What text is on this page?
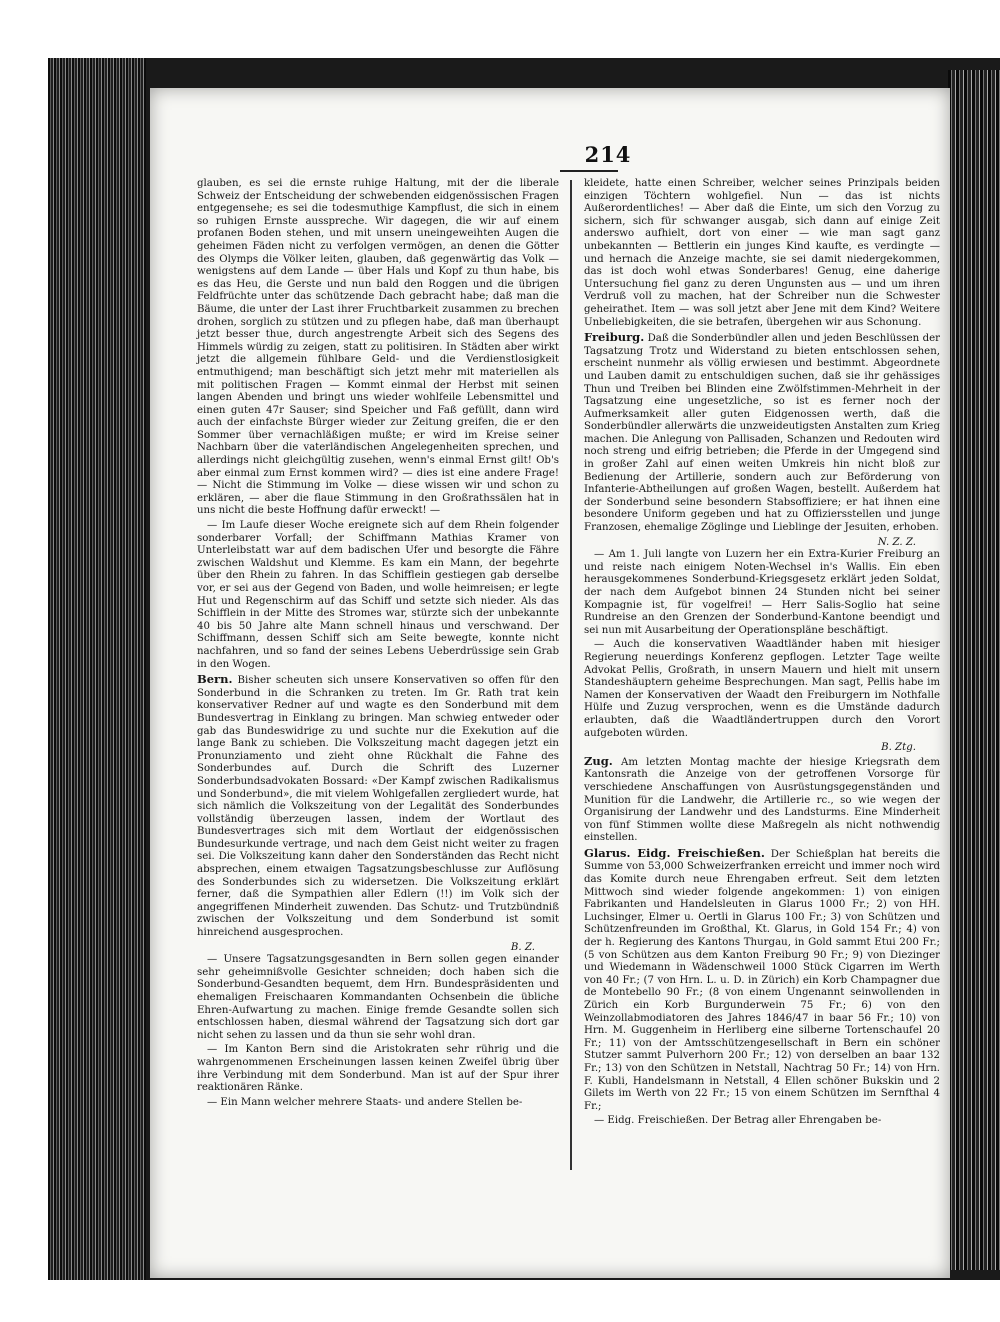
214

glauben, es sei die ernste ruhige Haltung, mit der die liberale Schweiz der Entscheidung der schwebenden eidgenössischen Fragen entgegensehe; es sei die todesmuthige Kampflust, die sich in einem so ruhigen Ernste ausspreche. Wir dagegen, die wir auf einem profanen Boden stehen, und mit unsern uneingeweihten Augen die geheimen Fäden nicht zu verfolgen vermögen, an denen die Götter des Olymps die Völker leiten, glauben, daß gegenwärtig das Volk — wenigstens auf dem Lande — über Hals und Kopf zu thun habe, bis es das Heu, die Gerste und nun bald den Roggen und die übrigen Feldfrüchte unter das schützende Dach gebracht habe; daß man die Bäume, die unter der Last ihrer Fruchtbarkeit zusammen zu brechen drohen, sorglich zu stützen und zu pflegen habe, daß man überhaupt jetzt besser thue, durch angestrengte Arbeit sich des Segens des Himmels würdig zu zeigen, statt zu politisiren. In Städten aber wirkt jetzt die allgemein fühlbare Geld- und die Verdienstlosigkeit entmuthigend; man beschäftigt sich jetzt mehr mit materiellen als mit politischen Fragen — Kommt einmal der Herbst mit seinen langen Abenden und bringt uns wieder wohlfeile Lebensmittel und einen guten 47r Sauser; sind Speicher und Faß gefüllt, dann wird auch der einfachste Bürger wieder zur Zeitung greifen, die er den Sommer über vernachläßigen mußte; er wird im Kreise seiner Nachbarn über die vaterländischen Angelegenheiten sprechen, und allerdings nicht gleichgültig zusehen, wenn's einmal Ernst gilt! Ob's aber einmal zum Ernst kommen wird? — dies ist eine andere Frage! — Nicht die Stimmung im Volke — diese wissen wir und schon zu erklären, — aber die flaue Stimmung in den Großrathssälen hat in uns nicht die beste Hoffnung dafür erweckt! —

— Im Laufe dieser Woche ereignete sich auf dem Rhein folgender sonderbarer Vorfall; der Schiffmann Mathias Kramer von Unterleibstatt war auf dem badischen Ufer und besorgte die Fähre zwischen Waldshut und Klemme. Es kam ein Mann, der begehrte über den Rhein zu fahren. In das Schifflein gestiegen gab derselbe vor, er sei aus der Gegend von Baden, und wolle heimreisen; er legte Hut und Regenschirm auf das Schiff und setzte sich nieder. Als das Schifflein in der Mitte des Stromes war, stürzte sich der unbekannte 40 bis 50 Jahre alte Mann schnell hinaus und verschwand. Der Schiffmann, dessen Schiff sich am Seite bewegte, konnte nicht nachfahren, und so fand der seines Lebens Ueberdrüssige sein Grab in den Wogen.

Bern. Bisher scheuten sich unsere Konservativen so offen für den Sonderbund in die Schranken zu treten. Im Gr. Rath trat kein konservativer Redner auf und wagte es den Sonderbund mit dem Bundesvertrag in Einklang zu bringen. Man schwieg entweder oder gab das Bundeswidrige zu und suchte nur die Exekution auf die lange Bank zu schieben. Die Volkszeitung macht dagegen jetzt ein Pronunziamento und zieht ohne Rückhalt die Fahne des Sonderbundes auf. Durch die Schrift des Luzerner Sonderbundsadvokaten Bossard: «Der Kampf zwischen Radikalismus und Sonderbund», die mit vielem Wohlgefallen zergliedert wurde, hat sich nämlich die Volkszeitung von der Legalität des Sonderbundes vollständig überzeugen lassen, indem der Wortlaut des Bundesvertrages sich mit dem Wortlaut der eidgenössischen Bundesurkunde vertrage, und nach dem Geist nicht weiter zu fragen sei. Die Volkszeitung kann daher den Sonderständen das Recht nicht absprechen, einem etwaigen Tagsatzungsbeschlusse zur Auflösung des Sonderbundes sich zu widersetzen. Die Volkszeitung erklärt ferner, daß die Sympathien aller Edlern (!!) im Volk sich der angegriffenen Minderheit zuwenden. Das Schutz- und Trutzbündniß zwischen der Volkszeitung und dem Sonderbund ist somit hinreichend ausgesprochen.

B. Z.

— Unsere Tagsatzungsgesandten in Bern sollen gegen einander sehr geheimnißvolle Gesichter schneiden; doch haben sich die Sonderbund-Gesandten bequemt, dem Hrn. Bundespräsidenten und ehemaligen Freischaaren Kommandanten Ochsenbein die übliche Ehren-Aufwartung zu machen. Einige fremde Gesandte sollen sich entschlossen haben, diesmal während der Tagsatzung sich dort gar nicht sehen zu lassen und da thun sie sehr wohl dran.

— Im Kanton Bern sind die Aristokraten sehr rührig und die wahrgenommenen Erscheinungen lassen keinen Zweifel übrig über ihre Verbindung mit dem Sonderbund. Man ist auf der Spur ihrer reaktionären Ränke.

— Ein Mann welcher mehrere Staats- und andere Stellen be-

kleidete, hatte einen Schreiber, welcher seines Prinzipals beiden einzigen Töchtern wohlgefiel. Nun — das ist nichts Außerordentliches! — Aber daß die Einte, um sich den Vorzug zu sichern, sich für schwanger ausgab, sich dann auf einige Zeit anderswo aufhielt, dort von einer — wie man sagt ganz unbekannten — Bettlerin ein junges Kind kaufte, es verdingte — und hernach die Anzeige machte, sie sei damit niedergekommen, das ist doch wohl etwas Sonderbares! Genug, eine daherige Untersuchung fiel ganz zu deren Ungunsten aus — und um ihren Verdruß voll zu machen, hat der Schreiber nun die Schwester geheirathet. Item — was soll jetzt aber Jene mit dem Kind? Weitere Unbeliebigkeiten, die sie betrafen, übergehen wir aus Schonung.

Freiburg. Daß die Sonderbündler allen und jeden Beschlüssen der Tagsatzung Trotz und Widerstand zu bieten entschlossen sehen, erscheint nunmehr als völlig erwiesen und bestimmt. Abgeordnete und Lauben damit zu entschuldigen suchen, daß sie ihr gehässiges Thun und Treiben bei Blinden eine Zwölfstimmen-Mehrheit in der Tagsatzung eine ungesetzliche, so ist es ferner noch der Aufmerksamkeit aller guten Eidgenossen werth, daß die Sonderbündler allerwärts die unzweideutigsten Anstalten zum Krieg machen. Die Anlegung von Pallisaden, Schanzen und Redouten wird noch streng und eifrig betrieben; die Pferde in der Umgegend sind in großer Zahl auf einen weiten Umkreis hin nicht bloß zur Bedienung der Artillerie, sondern auch zur Beförderung von Infanterie-Abtheilungen auf großen Wagen, bestellt. Außerdem hat der Sonderbund seine besondern Stabsoffiziere; er hat ihnen eine besondere Uniform gegeben und hat zu Offiziersstellen und junge Franzosen, ehemalige Zöglinge und Lieblinge der Jesuiten, erhoben.

N. Z. Z.

— Am 1. Juli langte von Luzern her ein Extra-Kurier Freiburg an und reiste nach einigem Noten-Wechsel in's Wallis. Ein eben herausgekommenes Sonderbund-Kriegsgesetz erklärt jeden Soldat, der nach dem Aufgebot binnen 24 Stunden nicht bei seiner Kompagnie ist, für vogelfrei! — Herr Salis-Soglio hat seine Rundreise an den Grenzen der Sonderbund-Kantone beendigt und sei nun mit Ausarbeitung der Operationspläne beschäftigt.

— Auch die konservativen Waadtländer haben mit hiesiger Regierung neuerdings Konferenz gepflogen. Letzter Tage weilte Advokat Pellis, Großrath, in unsern Mauern und hielt mit unsern Standeshäuptern geheime Besprechungen. Man sagt, Pellis habe im Namen der Konservativen der Waadt den Freiburgern im Nothfalle Hülfe und Zuzug versprochen, wenn es die Umstände dadurch erlaubten, daß die Waadtländertruppen durch den Vorort aufgeboten würden.

B. Ztg.

Zug. Am letzten Montag machte der hiesige Kriegsrath dem Kantonsrath die Anzeige von der getroffenen Vorsorge für verschiedene Anschaffungen von Ausrüstungsgegenständen und Munition für die Landwehr, die Artillerie rc., so wie wegen der Organisirung der Landwehr und des Landsturms. Eine Minderheit von fünf Stimmen wollte diese Maßregeln als nicht nothwendig einstellen.

Glarus. Eidg. Freischießen. Der Schießplan hat bereits die Summe von 53,000 Schweizerfranken erreicht und immer noch wird das Komite durch neue Ehrengaben erfreut. Seit dem letzten Mittwoch sind wieder folgende angekommen: 1) von einigen Fabrikanten und Handelsleuten in Glarus 1000 Fr.; 2) von HH. Luchsinger, Elmer u. Oertli in Glarus 100 Fr.; 3) von Schützen und Schützenfreunden im Großthal, Kt. Glarus, in Gold 154 Fr.; 4) von der h. Regierung des Kantons Thurgau, in Gold sammt Etui 200 Fr.; (5 von Schützen aus dem Kanton Freiburg 90 Fr.; 9) von Diezinger und Wiedemann in Wädenschweil 1000 Stück Cigarren im Werth von 40 Fr.; (7 von Hrn. L. u. D. in Zürich) ein Korb Champagner due de Montebello 90 Fr.; (8 von einem Ungenannt seinwollenden in Zürich ein Korb Burgunderwein 75 Fr.; 6) von den Weinzollabmodiatoren des Jahres 1846/47 in baar 56 Fr.; 10) von Hrn. M. Guggenheim in Herliberg eine silberne Tortenschaufel 20 Fr.; 11) von der Amtsschützengesellschaft in Bern ein schöner Stutzer sammt Pulverhorn 200 Fr.; 12) von derselben an baar 132 Fr.; 13) von den Schützen in Netstall, Nachtrag 50 Fr.; 14) von Hrn. F. Kubli, Handelsmann in Netstall, 4 Ellen schöner Bukskin und 2 Gilets im Werth von 22 Fr.; 15 von einem Schützen im Sernfthal 4 Fr.;

— Eidg. Freischießen. Der Betrag aller Ehrengaben be-
